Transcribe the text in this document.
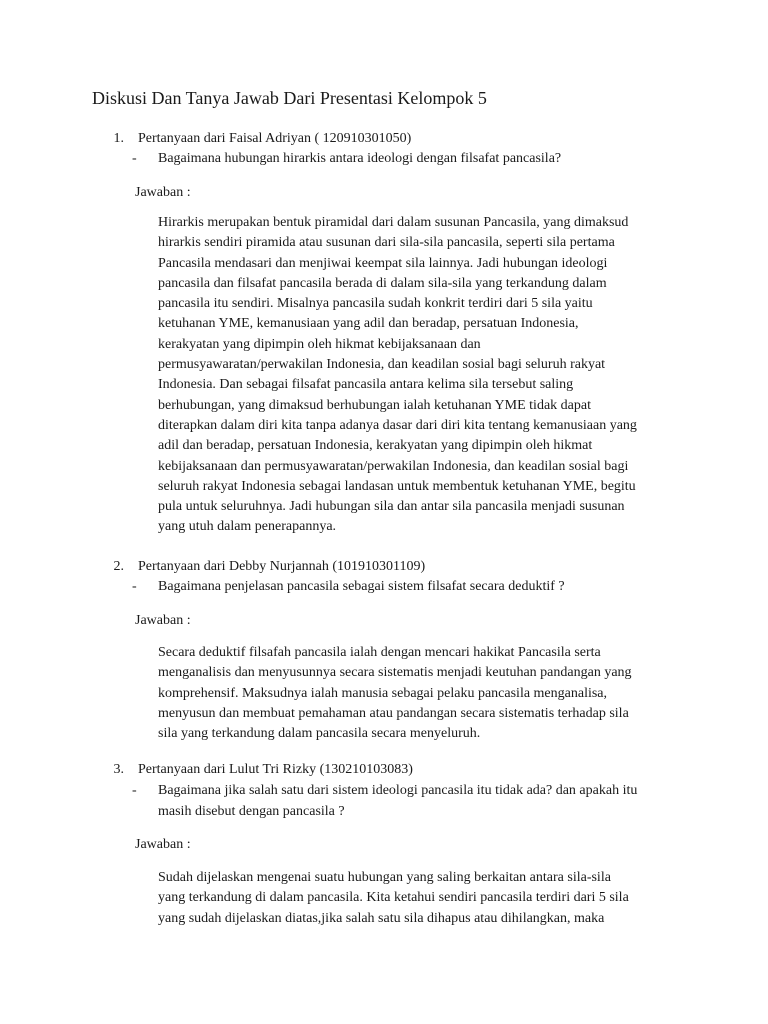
Diskusi Dan Tanya Jawab Dari Presentasi Kelompok 5
1. Pertanyaan dari Faisal Adriyan ( 120910301050)
- Bagaimana hubungan hirarkis antara ideologi dengan filsafat pancasila?
Jawaban :
Hirarkis merupakan bentuk piramidal dari dalam susunan Pancasila, yang dimaksud
hirarkis sendiri piramida atau susunan dari sila-sila pancasila, seperti sila pertama
Pancasila mendasari dan menjiwai keempat sila lainnya. Jadi hubungan ideologi
pancasila dan filsafat pancasila berada di dalam sila-sila yang terkandung dalam
pancasila itu sendiri. Misalnya pancasila sudah konkrit terdiri dari 5 sila yaitu
ketuhanan YME, kemanusiaan yang adil dan beradap, persatuan Indonesia,
kerakyatan yang dipimpin oleh hikmat kebijaksanaan dan
permusyawaratan/perwakilan Indonesia, dan keadilan sosial bagi seluruh rakyat
Indonesia. Dan sebagai filsafat pancasila antara kelima sila tersebut saling
berhubungan, yang dimaksud berhubungan ialah ketuhanan YME tidak dapat
diterapkan dalam diri kita tanpa adanya dasar dari diri kita tentang kemanusiaan yang
adil dan beradap, persatuan Indonesia, kerakyatan yang dipimpin oleh hikmat
kebijaksanaan dan permusyawaratan/perwakilan Indonesia, dan keadilan sosial bagi
seluruh rakyat Indonesia sebagai landasan untuk membentuk ketuhanan YME, begitu
pula untuk seluruhnya. Jadi hubungan sila dan antar sila pancasila menjadi susunan
yang utuh dalam penerapannya.
2. Pertanyaan dari Debby Nurjannah (101910301109)
- Bagaimana penjelasan pancasila sebagai sistem filsafat secara deduktif ?
Jawaban :
Secara deduktif filsafah pancasila ialah dengan mencari hakikat Pancasila serta
menganalisis dan menyusunnya secara sistematis menjadi keutuhan pandangan yang
komprehensif. Maksudnya ialah manusia sebagai pelaku pancasila menganalisa,
menyusun dan membuat pemahaman atau pandangan secara sistematis terhadap sila
sila yang terkandung dalam pancasila secara menyeluruh.
3. Pertanyaan dari Lulut Tri Rizky (130210103083)
- Bagaimana jika salah satu dari sistem ideologi pancasila itu tidak ada? dan apakah itu
masih disebut dengan pancasila ?
Jawaban :
Sudah dijelaskan mengenai suatu hubungan yang saling berkaitan antara sila-sila
yang terkandung di dalam pancasila. Kita ketahui sendiri pancasila terdiri dari 5 sila
yang sudah dijelaskan diatas,jika salah satu sila dihapus atau dihilangkan, maka
